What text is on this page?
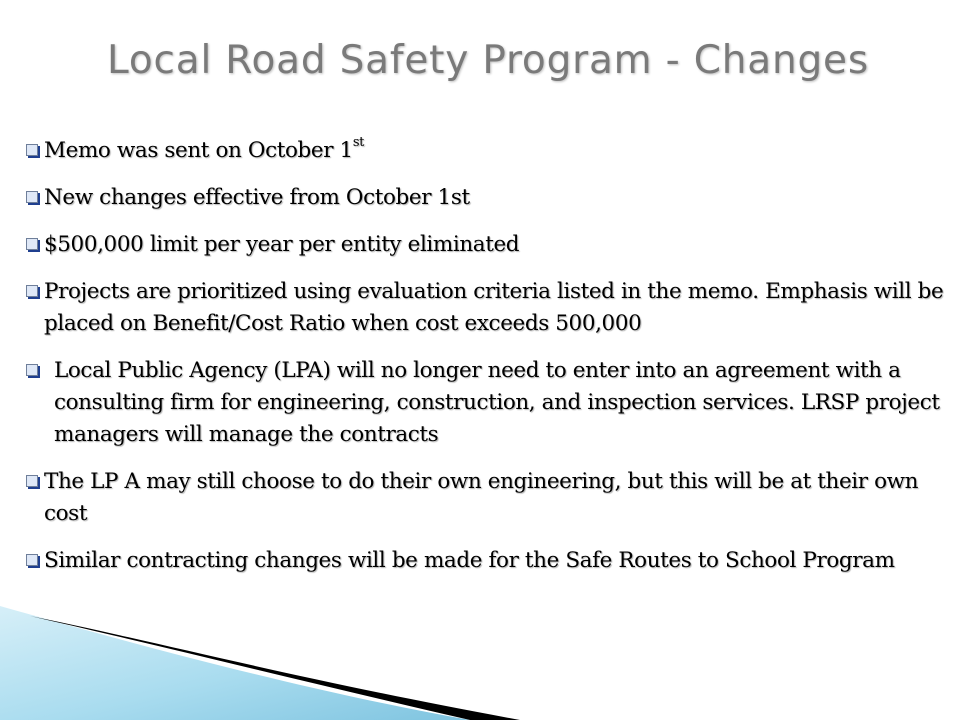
Local Road Safety Program - Changes
Memo was sent on October 1st
New changes effective from October 1st
$500,000 limit per year per entity eliminated
Projects are prioritized using evaluation criteria listed in the memo. Emphasis will be placed on Benefit/Cost Ratio when cost exceeds 500,000
Local Public Agency (LPA) will no longer need to enter into an agreement with a consulting firm for engineering, construction, and inspection services. LRSP project managers will manage the contracts
The LP A may still choose to do their own engineering, but this will be at their own cost
Similar contracting changes will be made for the Safe Routes to School Program
